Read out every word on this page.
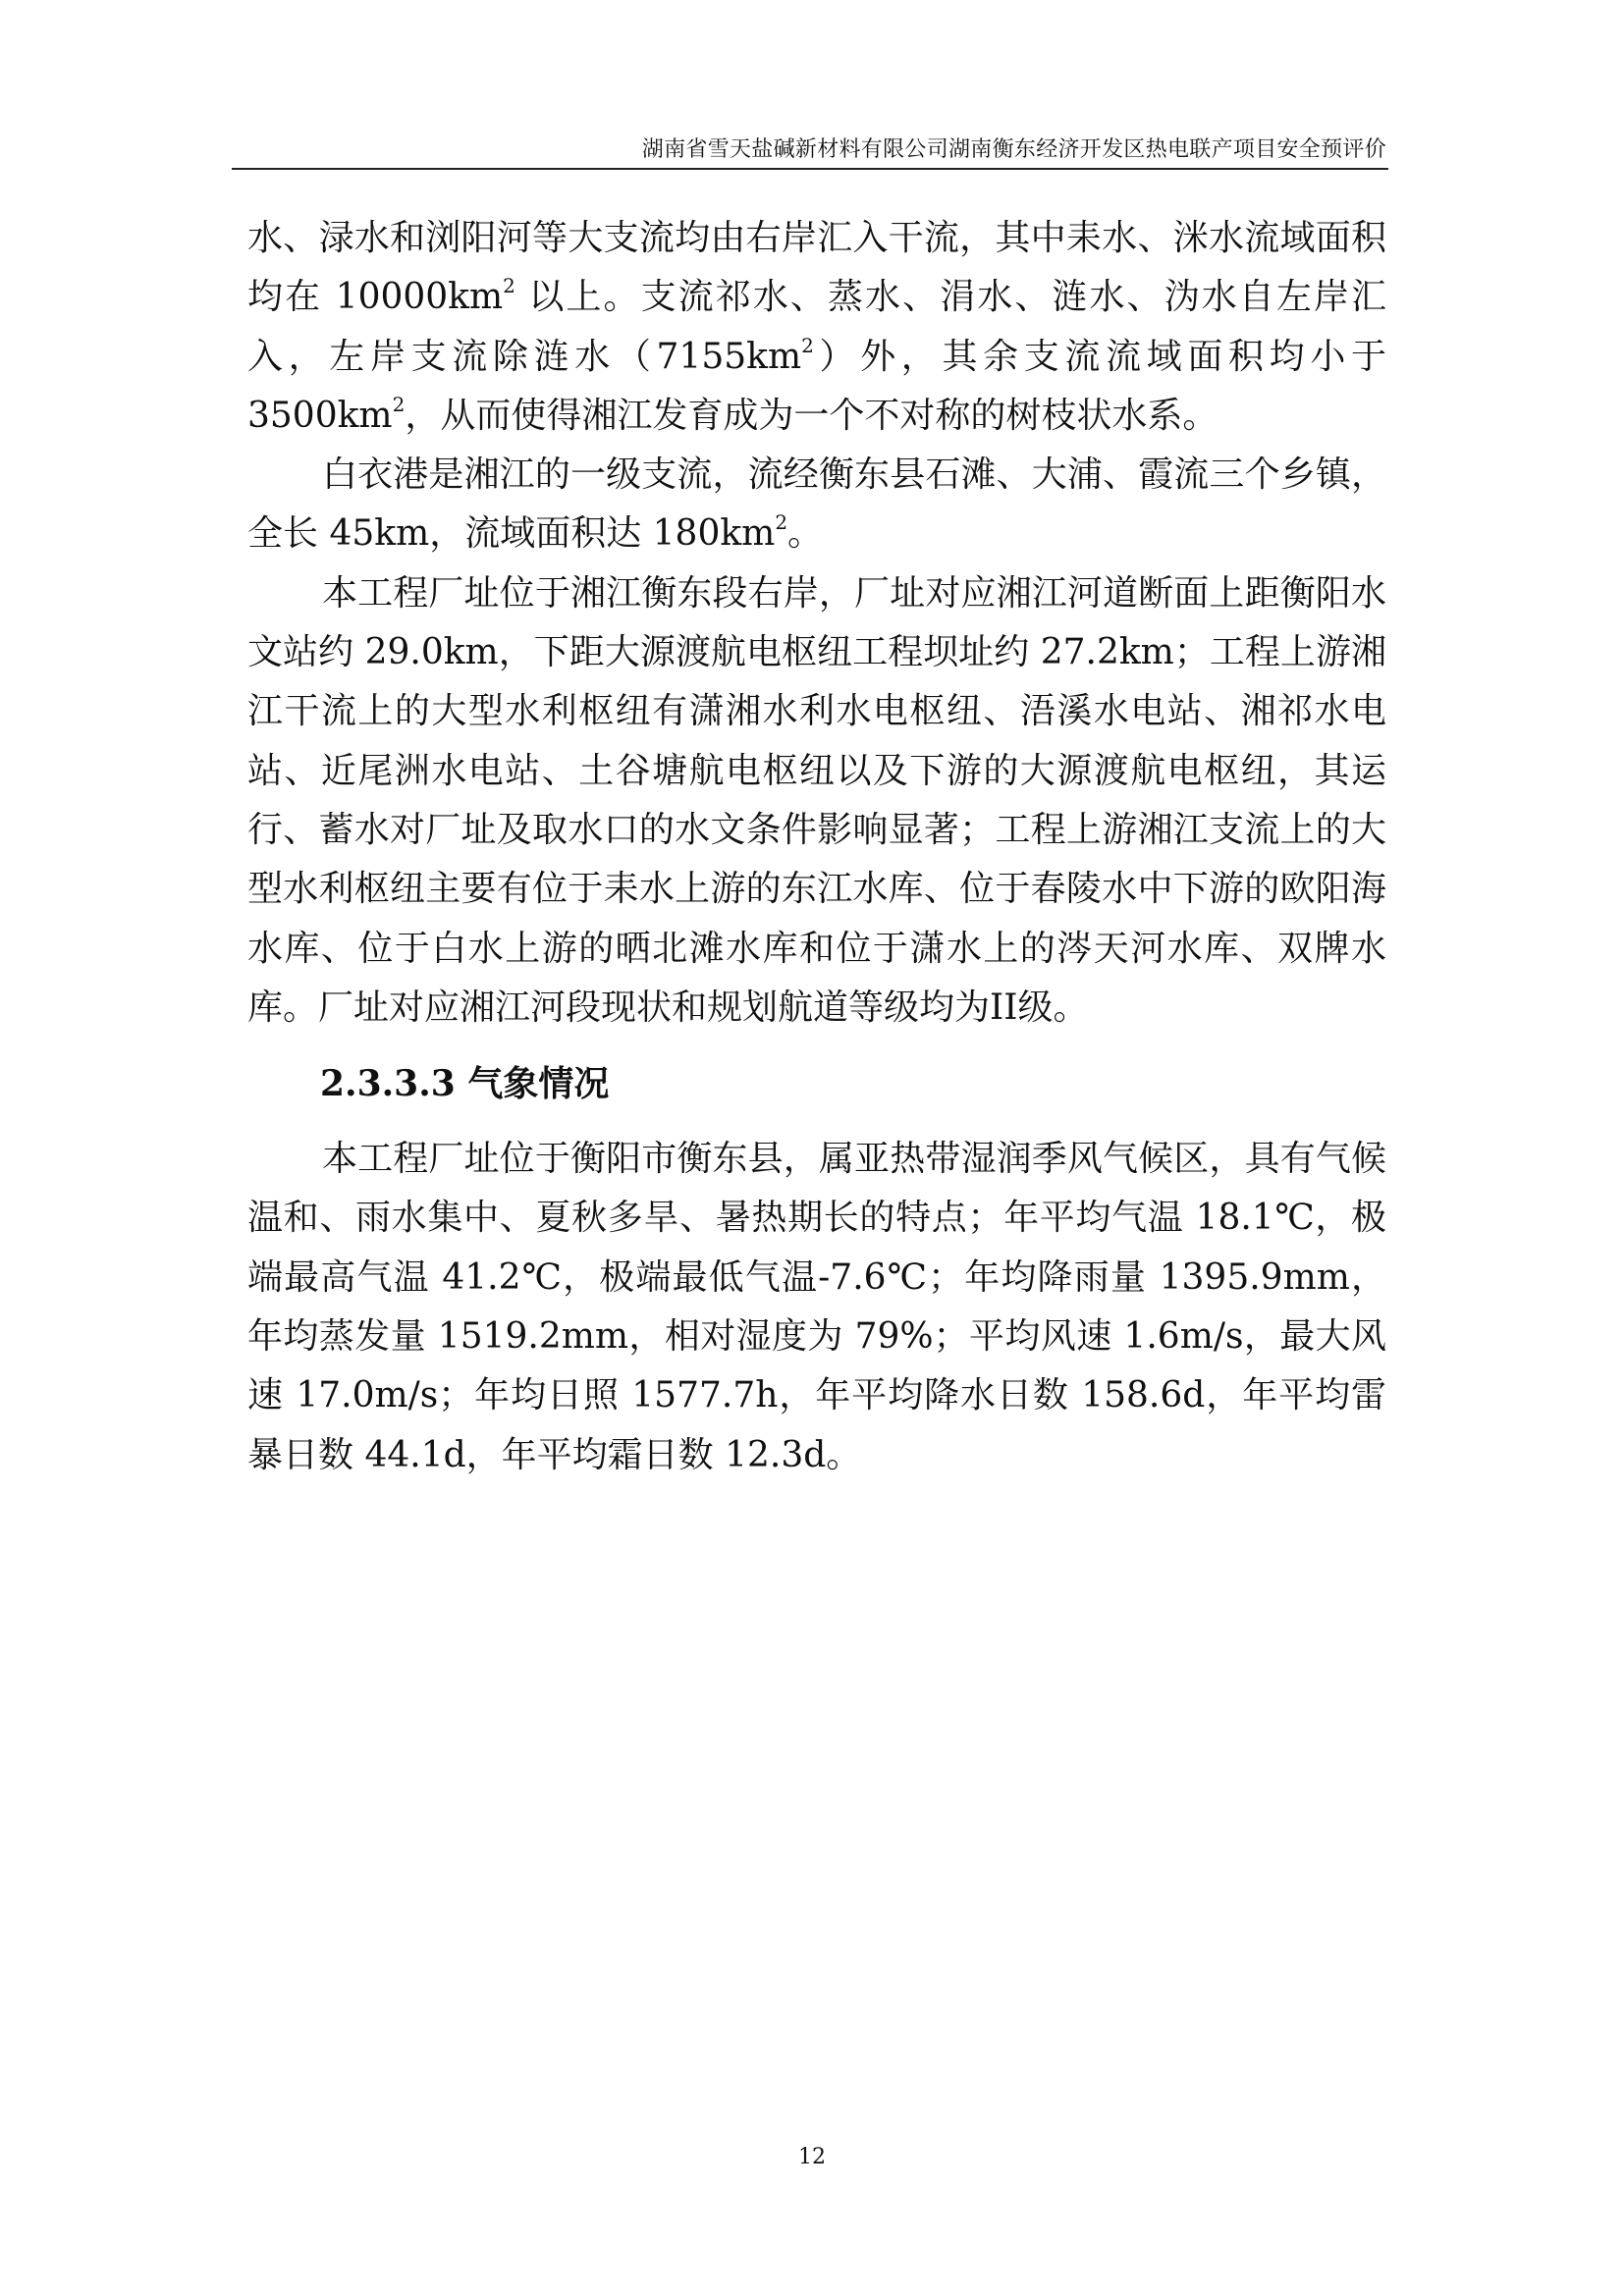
湖南省雪天盐碱新材料有限公司湖南衡东经济开发区热电联产项目安全预评价

水、渌水和浏阳河等大支流均由右岸汇入干流，其中耒水、洣水流域面积均在 $10000km^2$ 以上。支流祁水、蒸水、涓水、涟水、沩水自左岸汇入，左岸支流除涟水$(7155km^2)$外，其余支流流域面积均小于 $3500km^2$，从而使得湘江发育成为一个不对称的树枝状水系。

白衣港是湘江的一级支流，流经衡东县石滩、大浦、霞流三个乡镇，全长 45km，流域面积达 $180km^2$。

本工程厂址位于湘江衡东段右岸，厂址对应湘江河道断面上距衡阳水文站约 29.0km，下距大源渡航电枢纽工程坝址约 27.2km；工程上游湘江干流上的大型水利枢纽有潇湘水利水电枢纽、浯溪水电站、湘祁水电站、近尾洲水电站、土谷塘航电枢纽以及下游的大源渡航电枢纽，其运行、蓄水对厂址及取水口的水文条件影响显著；工程上游湘江支流上的大型水利枢纽主要有位于耒水上游的东江水库、位于春陵水中下游的欧阳海水库、位于白水上游的晒北滩水库和位于潇水上的涔天河水库、双牌水库。厂址对应湘江河段现状和规划航道等级均为II级。

2.3.3.3 气象情况

本工程厂址位于衡阳市衡东县，属亚热带湿润季风气候区，具有气候温和、雨水集中、夏秋多旱、暑热期长的特点；年平均气温 18.1℃，极端最高气温 41.2℃，极端最低气温-7.6℃；年均降雨量 1395.9mm，年均蒸发量 1519.2mm，相对湿度为 79%；平均风速 1.6m/s，最大风速 17.0m/s；年均日照 1577.7h，年平均降水日数 158.6d，年平均雷暴日数 44.1d，年平均霜日数 12.3d。

12
